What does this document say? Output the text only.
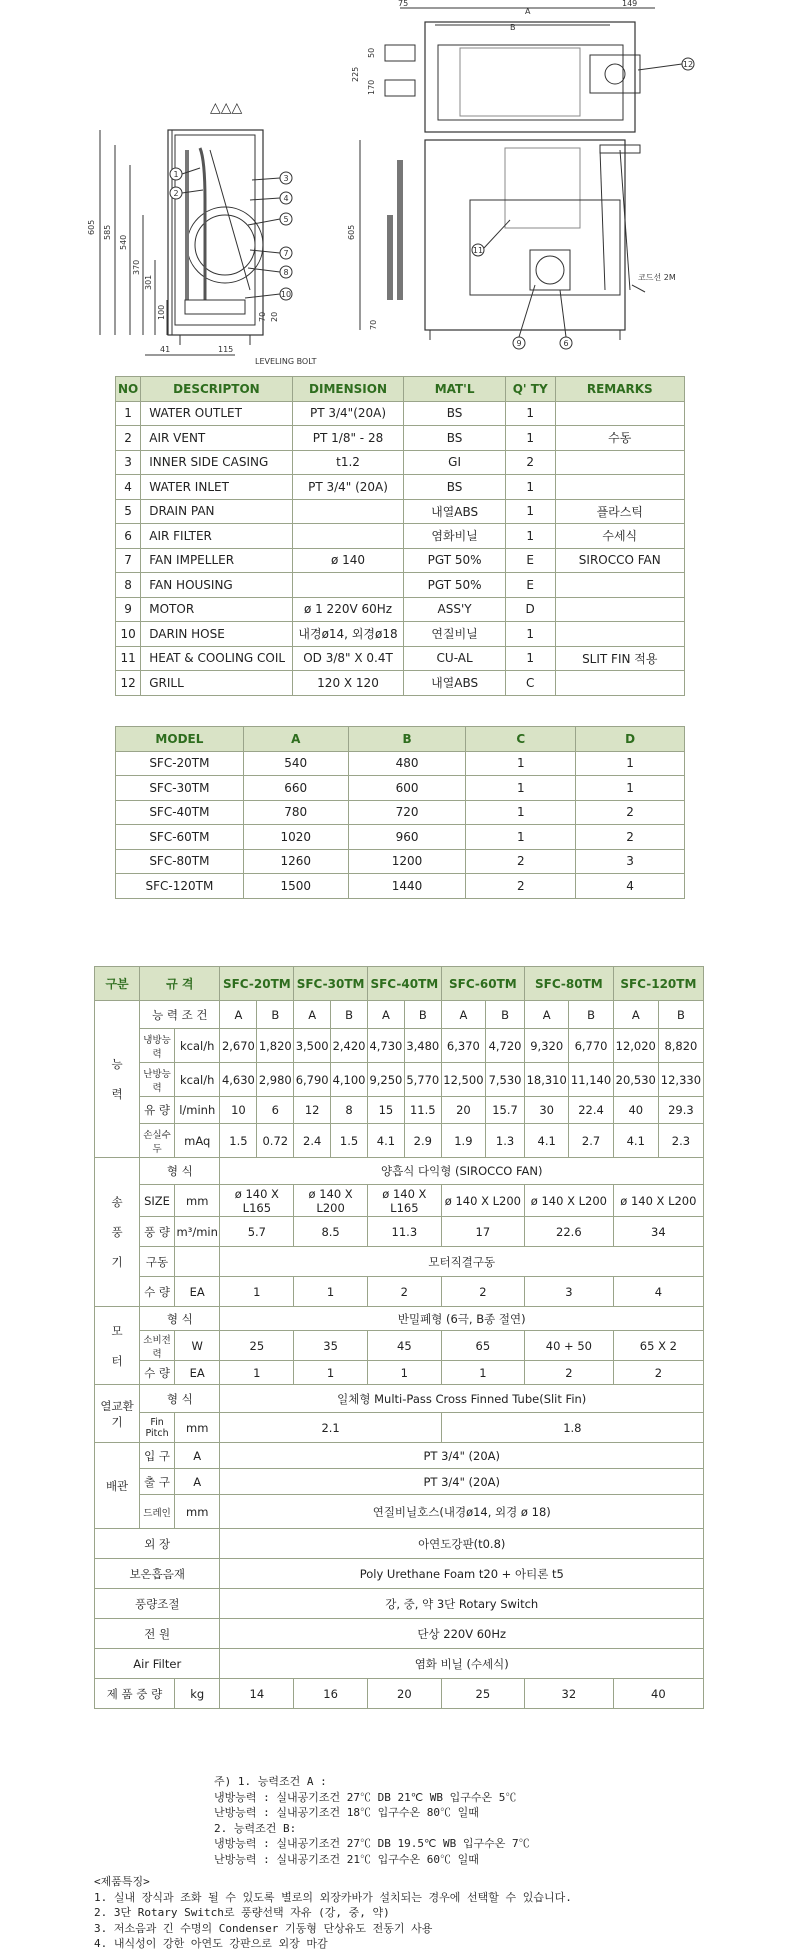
△△△
605 585
540
370
301
100
41	115
70 20
LEVELING BOLT
1
2
3
4
5
7
8
10
75	149
A
B
50
225
170
12
605
70
코드선 2M
11
9	6
NO	DESCRIPTON	DIMENSION	MAT'L	Q' TY	REMARKS
1	WATER OUTLET	PT 3/4"(20A)	BS	1	
2	AIR VENT	PT 1/8" - 28	BS	1	수동
3	INNER SIDE CASING	t1.2	GI	2	
4	WATER INLET	PT 3/4" (20A)	BS	1	
5	DRAIN PAN		내열ABS	1	플라스틱
6	AIR FILTER		염화비닐	1	수세식
7	FAN IMPELLER	ø 140	PGT 50%	E	SIROCCO FAN
8	FAN HOUSING		PGT 50%	E	
9	MOTOR	ø 1 220V 60Hz	ASS'Y	D	
10	DARIN HOSE	내경ø14, 외경ø18	연질비닐	1	
11	HEAT & COOLING COIL	OD 3/8" X 0.4T	CU-AL	1	SLIT FIN 적용
12	GRILL	120 X 120	내열ABS	C	
MODEL	A	B	C	D
SFC-20TM	540	480	1	1
SFC-30TM	660	600	1	1
SFC-40TM	780	720	1	2
SFC-60TM	1020	960	1	2
SFC-80TM	1260	1200	2	3
SFC-120TM	1500	1440	2	4
구분	규 격		SFC-20TM		SFC-30TM		SFC-40TM		SFC-60TM		SFC-80TM		SFC-120TM	
능

력	능 력 조 건		A	B	A	B	A	B	A	B	A	B	A	B
	냉방능력	kcal/h	2,670	1,820	3,500	2,420	4,730	3,480	6,370	4,720	9,320	6,770	12,020	8,820
	난방능력	kcal/h	4,630	2,980	6,790	4,100	9,250	5,770	12,500	7,530	18,310	11,140	20,530	12,330
	유 량	l/minh	10	6	12	8	15	11.5	20	15.7	30	22.4	40	29.3
	손실수두	mAq	1.5	0.72	2.4	1.5	4.1	2.9	1.9	1.3	4.1	2.7	4.1	2.3
송

풍

기	형 식		양흡식 다익형 (SIROCCO FAN)											
	SIZE	mm	ø 140 X L165		ø 140 X L200		ø 140 X L165		ø 140 X L200		ø 140 X L200		ø 140 X L200	
	풍 량	m³/min	5.7		8.5		11.3		17		22.6		34	
	구동		모터직결구동											
	수 량	EA	1		1		2		2		3		4	
모

터	형 식		반밀폐형 (6극, B종 절연)											
	소비전력	W	25		35		45		65		40 + 50		65 X 2	
	수 량	EA	1		1		1		1		2		2	
열교환기	형 식		일체형 Multi-Pass Cross Finned Tube(Slit Fin)											
	Fin Pitch	mm	2.1						1.8					
배관	입 구	A	PT 3/4" (20A)											
	출 구	A	PT 3/4" (20A)											
	드레인	mm	연질비닐호스(내경ø14, 외경 ø 18)											
외 장			아연도강판(t0.8)											
보온흡음재			Poly Urethane Foam t20 + 아티론 t5											
풍량조절			강, 중, 약 3단 Rotary Switch											
전 원			단상 220V 60Hz											
Air Filter			염화 비닐 (수세식)											
제 품 중 량		kg	14		16		20		25		32		40	
주) 1. 능력조건 A :
냉방능력 : 실내공기조건 27℃ DB 21℃ WB 입구수온 5℃
난방능력 : 실내공기조건 18℃ 입구수온 80℃ 일때
2. 능력조건 B:
냉방능력 : 실내공기조건 27℃ DB 19.5℃ WB 입구수온 7℃
난방능력 : 실내공기조건 21℃ 입구수온 60℃ 일때
<제품특징>
1. 실내 장식과 조화 될 수 있도록 별로의 외장카바가 설치되는 경우에 선택할 수 있습니다.
2. 3단 Rotary Switch로 풍량선택 자유 (강, 중, 약)
3. 저소음과 긴 수명의 Condenser 기동형 단상유도 전동기 사용
4. 내식성이 강한 아연도 강판으로 외장 마감
